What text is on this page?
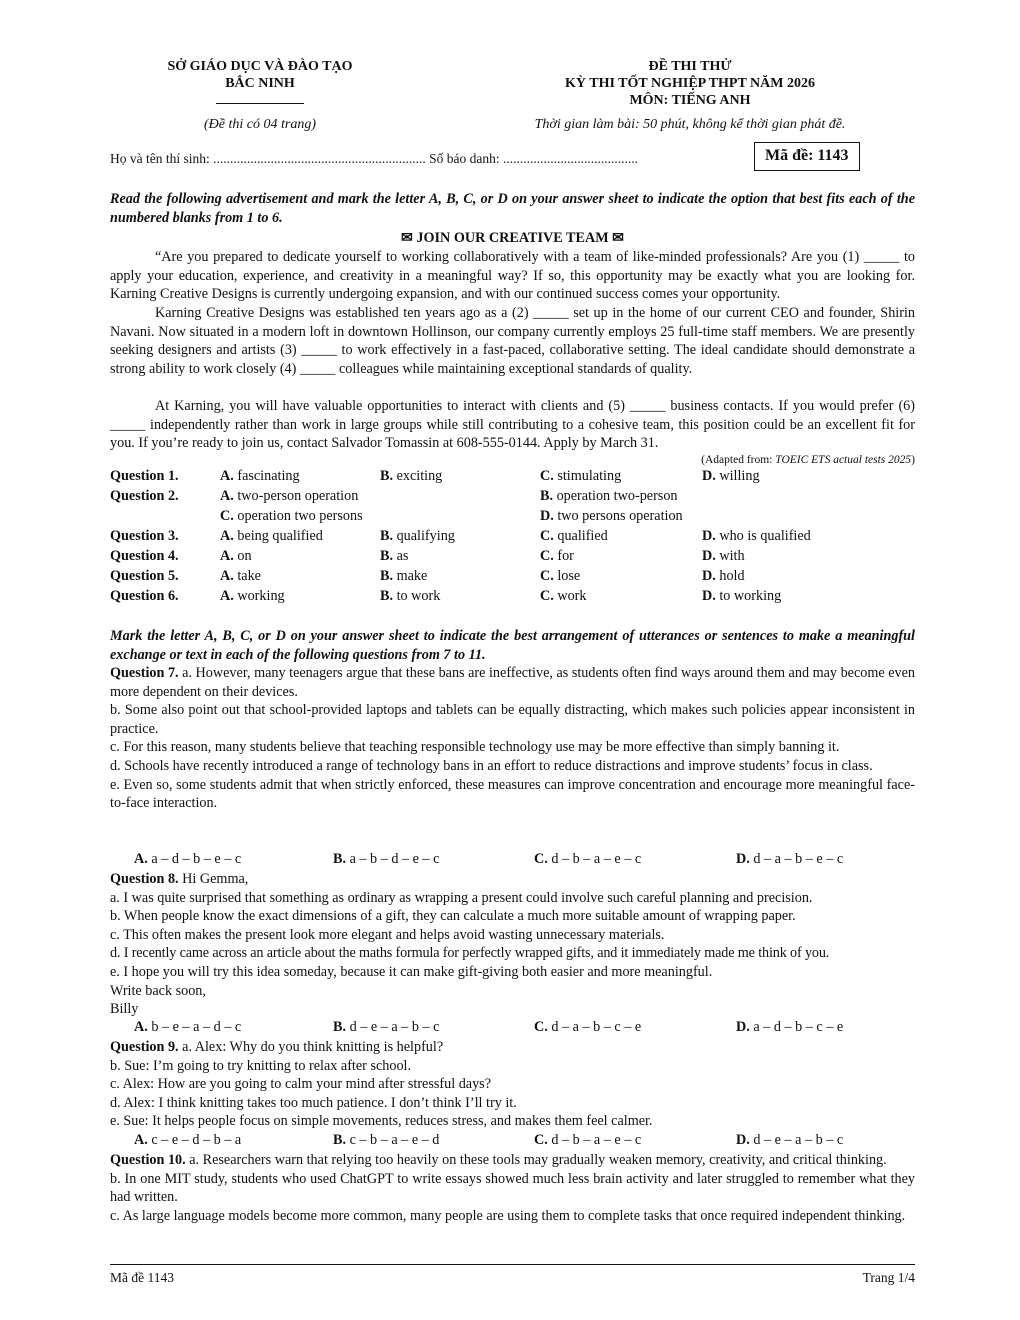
SỞ GIÁO DỤC VÀ ĐÀO TẠO
BẮC NINH
(Đề thi có 04 trang)
ĐỀ THI THỬ
KỲ THI TỐT NGHIỆP THPT NĂM 2026
MÔN: TIẾNG ANH
Thời gian làm bài: 50 phút, không kể thời gian phát đề.
Họ và tên thí sinh: ............................................................... Số báo danh: ........................................	Mã đề: 1143
Read the following advertisement and mark the letter A, B, C, or D on your answer sheet to indicate the option that best fits each of the numbered blanks from 1 to 6.
✉ JOIN OUR CREATIVE TEAM ✉
“Are you prepared to dedicate yourself to working collaboratively with a team of like-minded professionals? Are you (1) _____ to apply your education, experience, and creativity in a meaningful way? If so, this opportunity may be exactly what you are looking for. Karning Creative Designs is currently undergoing expansion, and with our continued success comes your opportunity.
Karning Creative Designs was established ten years ago as a (2) _____ set up in the home of our current CEO and founder, Shirin Navani. Now situated in a modern loft in downtown Hollinson, our company currently employs 25 full-time staff members. We are presently seeking designers and artists (3) _____ to work effectively in a fast-paced, collaborative setting. The ideal candidate should demonstrate a strong ability to work closely (4) _____ colleagues while maintaining exceptional standards of quality.
At Karning, you will have valuable opportunities to interact with clients and (5) _____ business contacts. If you would prefer (6) _____ independently rather than work in large groups while still contributing to a cohesive team, this position could be an excellent fit for you. If you’re ready to join us, contact Salvador Tomassin at 608-555-0144. Apply by March 31.
(Adapted from: TOEIC ETS actual tests 2025)
Question 1.	A. fascinating	B. exciting	C. stimulating	D. willing
Question 2.	A. two-person operation	B. operation two-person
C. operation two persons	D. two persons operation
Question 3.	A. being qualified	B. qualifying	C. qualified	D. who is qualified
Question 4.	A. on	B. as	C. for	D. with
Question 5.	A. take	B. make	C. lose	D. hold
Question 6.	A. working	B. to work	C. work	D. to working
Mark the letter A, B, C, or D on your answer sheet to indicate the best arrangement of utterances or sentences to make a meaningful exchange or text in each of the following questions from 7 to 11.
Question 7. a. However, many teenagers argue that these bans are ineffective, as students often find ways around them and may become even more dependent on their devices.
b. Some also point out that school-provided laptops and tablets can be equally distracting, which makes such policies appear inconsistent in practice.
c. For this reason, many students believe that teaching responsible technology use may be more effective than simply banning it.
d. Schools have recently introduced a range of technology bans in an effort to reduce distractions and improve students’ focus in class.
e. Even so, some students admit that when strictly enforced, these measures can improve concentration and encourage more meaningful face-to-face interaction.
A. a – d – b – e – c	B. a – b – d – e – c	C. d – b – a – e – c	D. d – a – b – e – c
Question 8. Hi Gemma,
a. I was quite surprised that something as ordinary as wrapping a present could involve such careful planning and precision.
b. When people know the exact dimensions of a gift, they can calculate a much more suitable amount of wrapping paper.
c. This often makes the present look more elegant and helps avoid wasting unnecessary materials.
d. I recently came across an article about the maths formula for perfectly wrapped gifts, and it immediately made me think of you.
e. I hope you will try this idea someday, because it can make gift-giving both easier and more meaningful.
Write back soon,
Billy
A. b – e – a – d – c	B. d – e – a – b – c	C. d – a – b – c – e	D. a – d – b – c – e
Question 9. a. Alex: Why do you think knitting is helpful?
b. Sue: I’m going to try knitting to relax after school.
c. Alex: How are you going to calm your mind after stressful days?
d. Alex: I think knitting takes too much patience. I don’t think I’ll try it.
e. Sue: It helps people focus on simple movements, reduces stress, and makes them feel calmer.
A. c – e – d – b – a	B. c – b – a – e – d	C. d – b – a – e – c	D. d – e – a – b – c
Question 10. a. Researchers warn that relying too heavily on these tools may gradually weaken memory, creativity, and critical thinking.
b. In one MIT study, students who used ChatGPT to write essays showed much less brain activity and later struggled to remember what they had written.
c. As large language models become more common, many people are using them to complete tasks that once required independent thinking.
Mã đề 1143	Trang 1/4
